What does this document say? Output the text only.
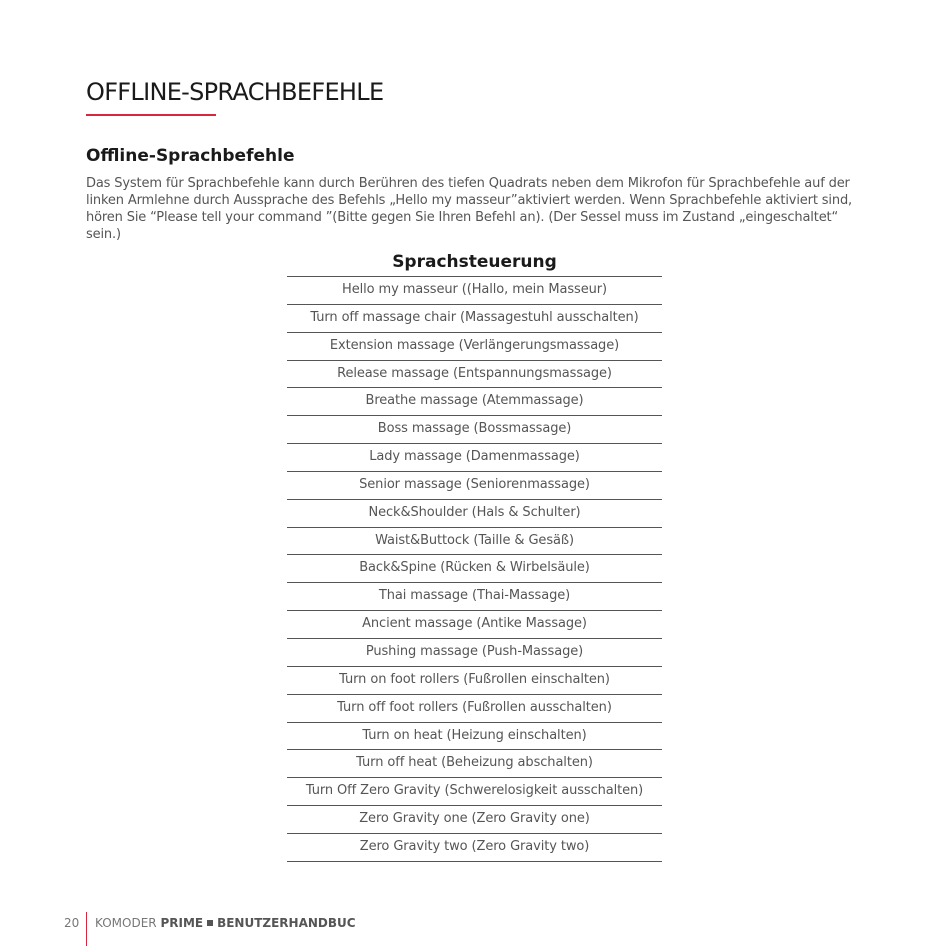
OFFLINE-SPRACHBEFEHLE
Offline-Sprachbefehle

Das System für Sprachbefehle kann durch Berühren des tiefen Quadrats neben dem Mikrofon für Sprachbefehle auf der linken Armlehne durch Aussprache des Befehls „Hello my masseur”aktiviert werden. Wenn Sprachbefehle aktiviert sind, hören Sie “Please tell your command ”(Bitte gegen Sie Ihren Befehl an). (Der Sessel muss im Zustand „eingeschaltet“ sein.)

Sprachsteuerung
Hello my masseur ((Hallo, mein Masseur)
Turn off massage chair (Massagestuhl ausschalten)
Extension massage (Verlängerungsmassage)
Release massage (Entspannungsmassage)
Breathe massage (Atemmassage)
Boss massage (Bossmassage)
Lady massage (Damenmassage)
Senior massage (Seniorenmassage)
Neck&Shoulder (Hals & Schulter)
Waist&Buttock (Taille & Gesäß)
Back&Spine (Rücken & Wirbelsäule)
Thai massage (Thai-Massage)
Ancient massage (Antike Massage)
Pushing massage (Push-Massage)
Turn on foot rollers (Fußrollen einschalten)
Turn off foot rollers (Fußrollen ausschalten)
Turn on heat (Heizung einschalten)
Turn off heat (Beheizung abschalten)
Turn Off Zero Gravity (Schwerelosigkeit ausschalten)
Zero Gravity one (Zero Gravity one)
Zero Gravity two (Zero Gravity two)
20 KOMODER PRIME BENUTZERHANDBUC
